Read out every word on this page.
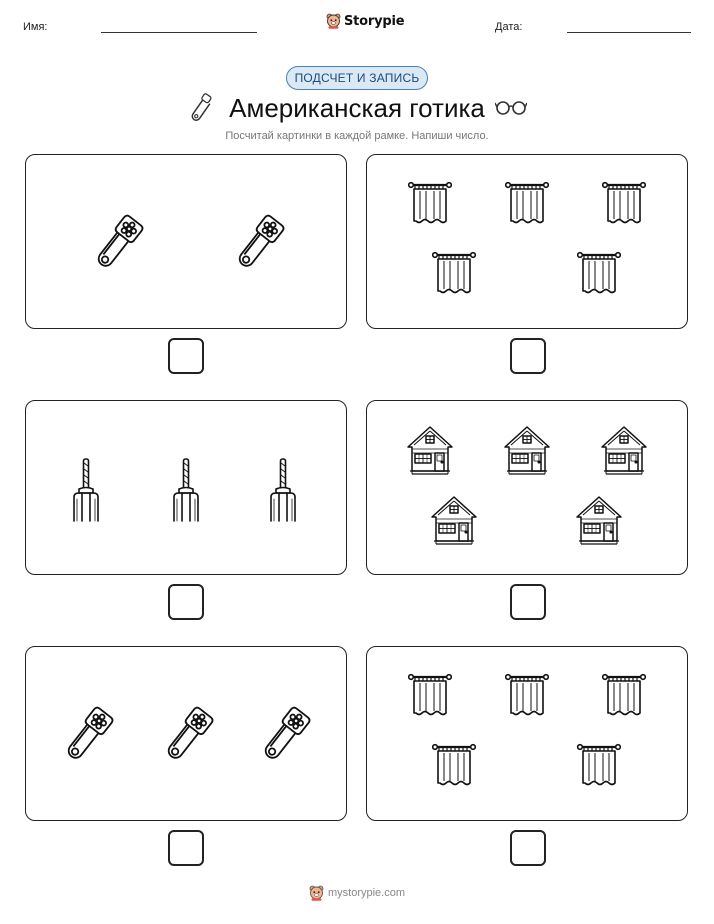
Имя:	Storypie	Дата:
ПОДСЧЕТ И ЗАПИСЬ
Американская готика
Посчитай картинки в каждой рамке. Напиши число.
mystorypie.com
